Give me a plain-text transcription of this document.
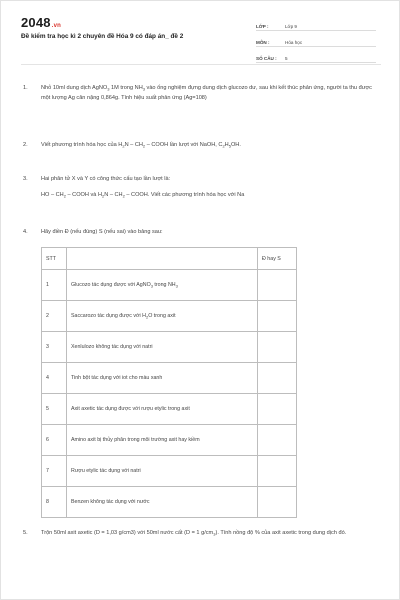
2048.vn
Đề kiểm tra học kì 2 chuyên đề Hóa 9 có đáp án_ đề 2
LỚP :	Lớp 9
MÔN :	Hóa học
SỐ CÂU :	5
1. Nhỏ 10ml dung dịch AgNO$_3$ 1M trong $NH_3$ vào ống nghiệm đựng dung dịch glucozo dư, sau khi kết thúc phản ứng, người ta thu được một lượng Ag cân nặng 0,864g. Tính hiệu suất phản ứng (Ag=108)
2. Viết phương trình hóa học của $H_2N - CH_2$ – COOH lần lượt với NaOH, $C_2H_5OH$.
3. Hai phân tử X và Y có công thức cấu tạo lần lượt là:
HO – $CH_2$ – COOH và $H_2N - CH_2$ – COOH. Viết các phương trình hóa học với Na
4. Hãy điền Đ (nếu đúng) S (nếu sai) vào bảng sau:
STT		Đ hay S
1	Glucozo tác dụng được với AgNO$_3$ trong $NH_3$	
2	Saccarozo tác dụng được với $H_2O$ trong axit	
3	Xenlulozo không tác dụng với natri	
4	Tinh bột tác dụng với iot cho màu xanh	
5	Axit axetic tác dụng được với rượu etylic trong axit	
6	Amino axit bị thủy phân trong môi trường axit hay kiềm	
7	Rượu etylic tác dụng với natri	
8	Benzen không tác dụng với nước	
5. Trộn 50ml axit axetic (D = 1,03 g/cm3) với 50ml nước cất (D = 1 $g/cm_3$). Tính nồng độ % của axit axetic trong dung dịch đó.
